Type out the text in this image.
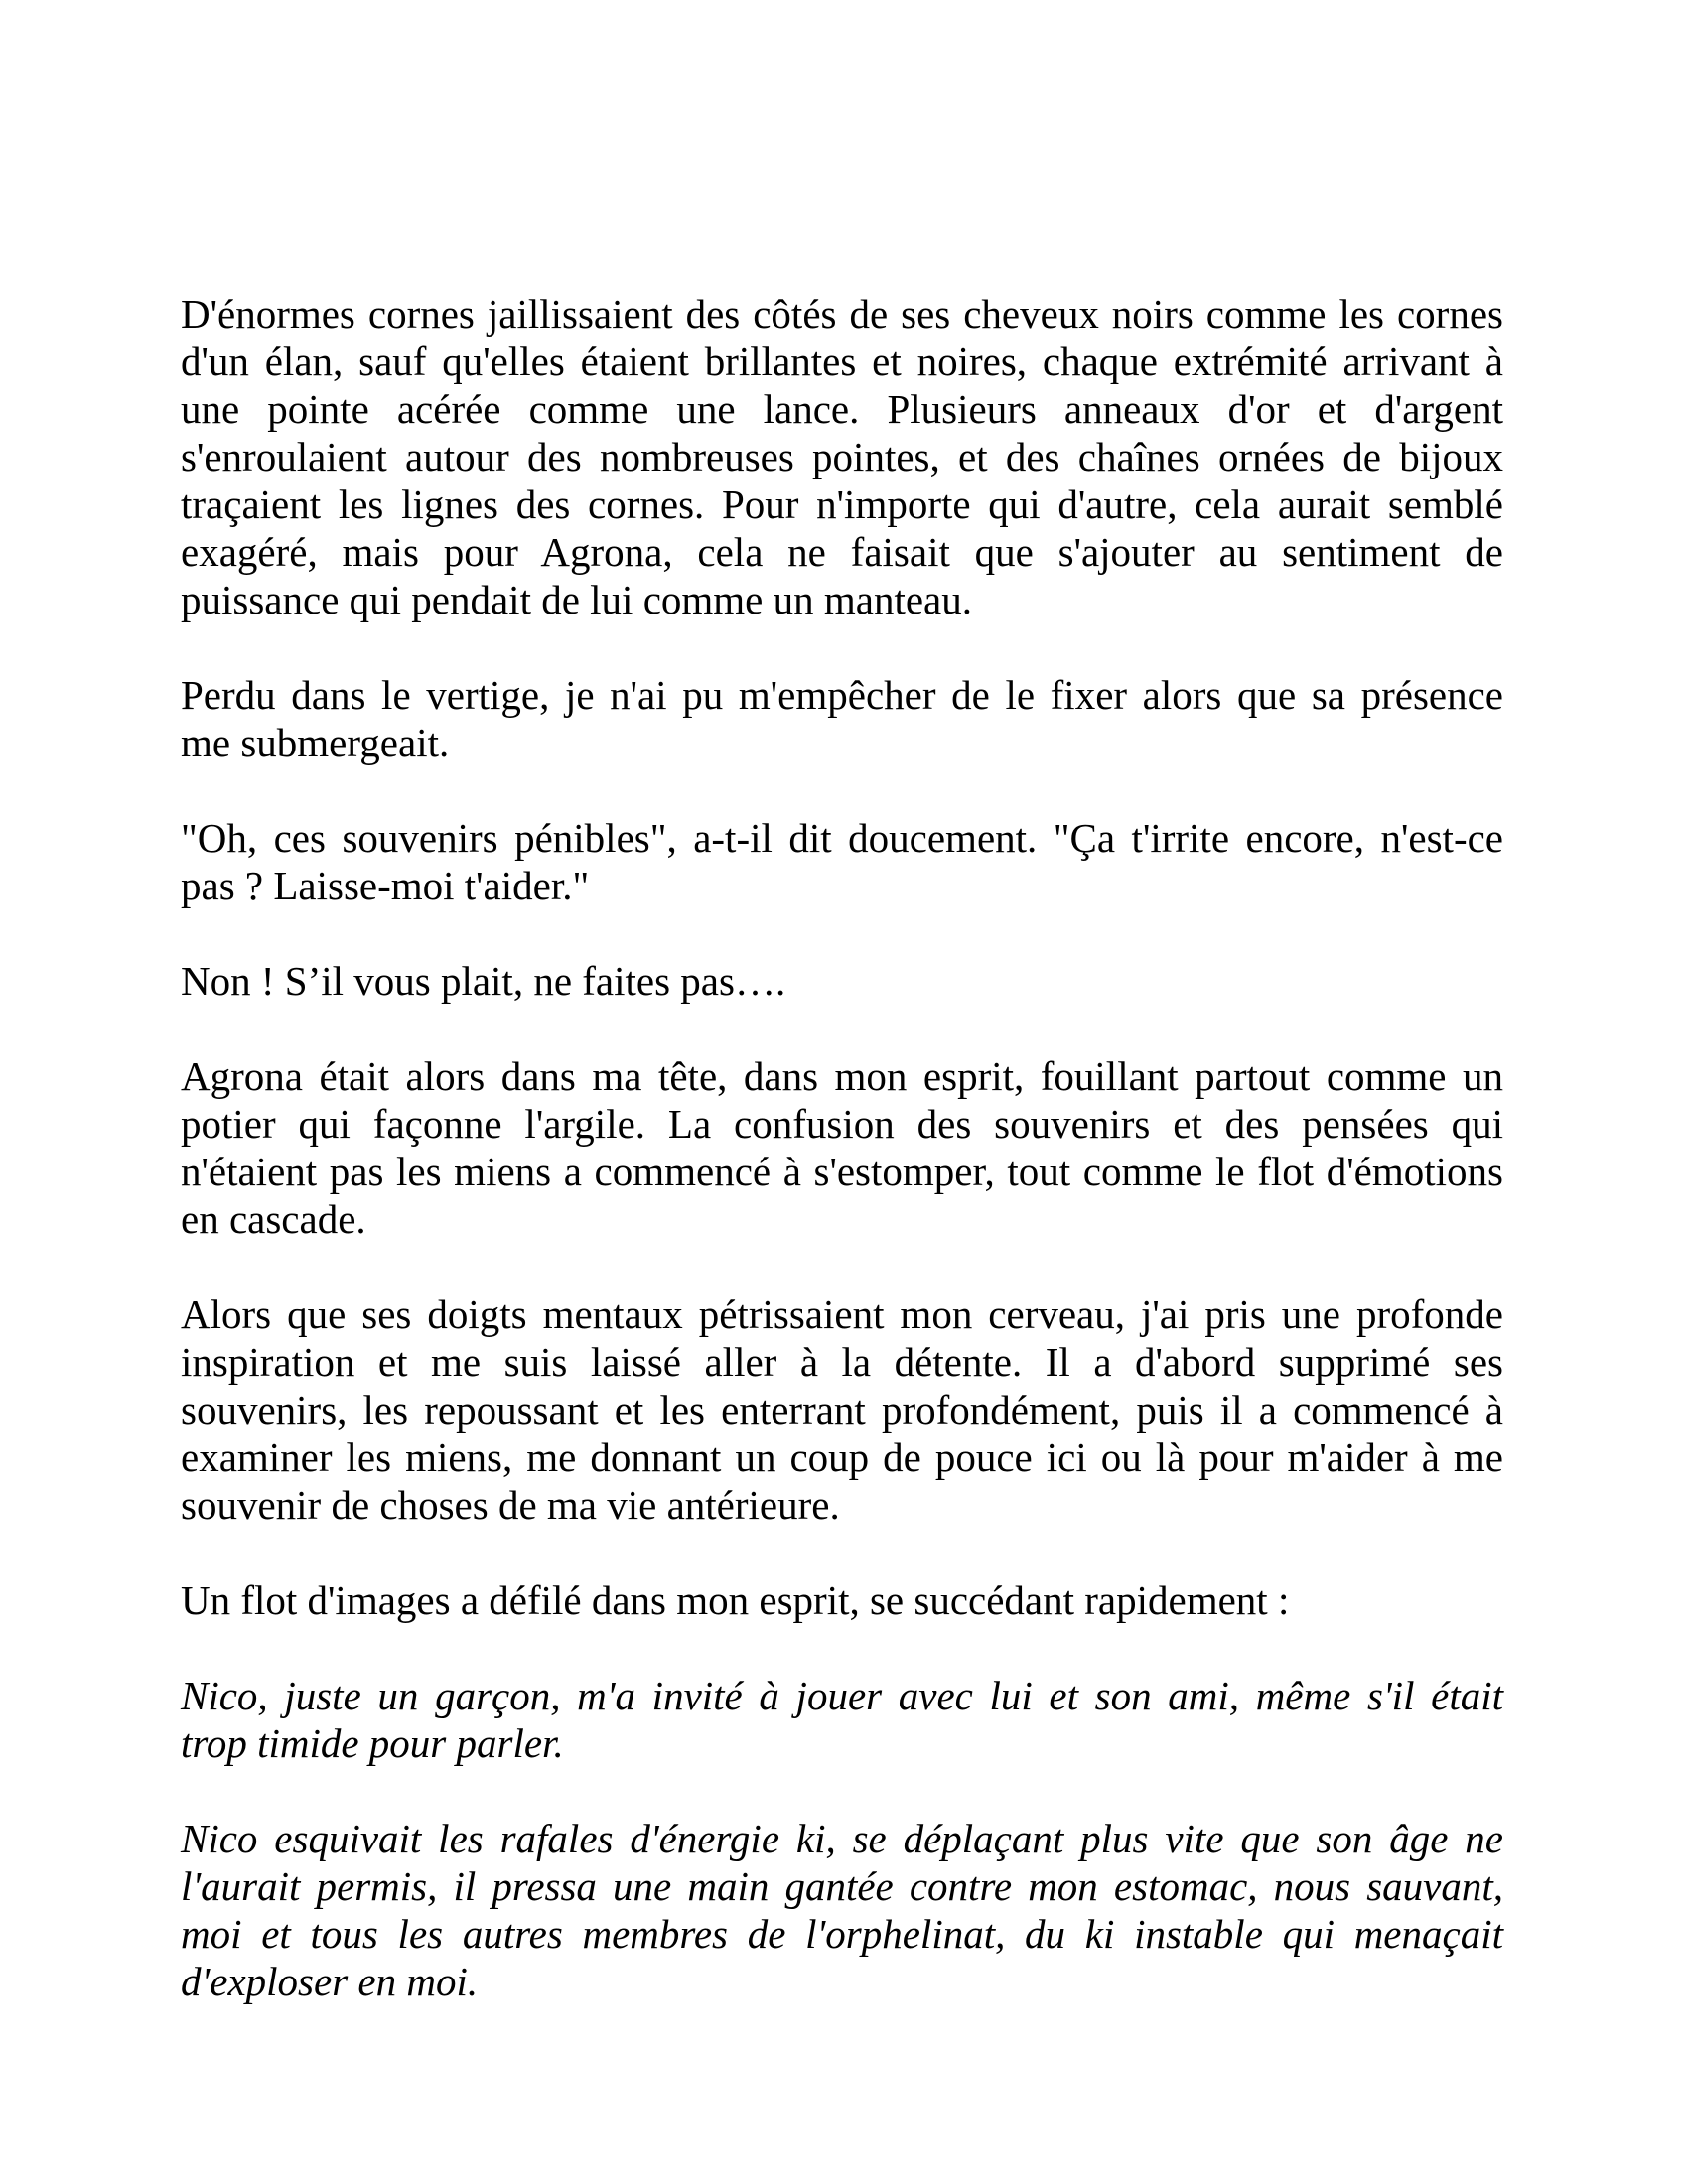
D'énormes cornes jaillissaient des côtés de ses cheveux noirs comme les cornes
d'un élan, sauf qu'elles étaient brillantes et noires, chaque extrémité arrivant à
une pointe acérée comme une lance. Plusieurs anneaux d'or et d'argent
s'enroulaient autour des nombreuses pointes, et des chaînes ornées de bijoux
traçaient les lignes des cornes. Pour n'importe qui d'autre, cela aurait semblé
exagéré, mais pour Agrona, cela ne faisait que s'ajouter au sentiment de
puissance qui pendait de lui comme un manteau.
Perdu dans le vertige, je n'ai pu m'empêcher de le fixer alors que sa présence
me submergeait.
"Oh, ces souvenirs pénibles", a-t-il dit doucement. "Ça t'irrite encore, n'est-ce
pas ? Laisse-moi t'aider."
Non ! S’il vous plait, ne faites pas….
Agrona était alors dans ma tête, dans mon esprit, fouillant partout comme un
potier qui façonne l'argile. La confusion des souvenirs et des pensées qui
n'étaient pas les miens a commencé à s'estomper, tout comme le flot d'émotions
en cascade.
Alors que ses doigts mentaux pétrissaient mon cerveau, j'ai pris une profonde
inspiration et me suis laissé aller à la détente. Il a d'abord supprimé ses
souvenirs, les repoussant et les enterrant profondément, puis il a commencé à
examiner les miens, me donnant un coup de pouce ici ou là pour m'aider à me
souvenir de choses de ma vie antérieure.
Un flot d'images a défilé dans mon esprit, se succédant rapidement :
Nico, juste un garçon, m'a invité à jouer avec lui et son ami, même s'il était
trop timide pour parler.
Nico esquivait les rafales d'énergie ki, se déplaçant plus vite que son âge ne
l'aurait permis, il pressa une main gantée contre mon estomac, nous sauvant,
moi et tous les autres membres de l'orphelinat, du ki instable qui menaçait
d'exploser en moi.
